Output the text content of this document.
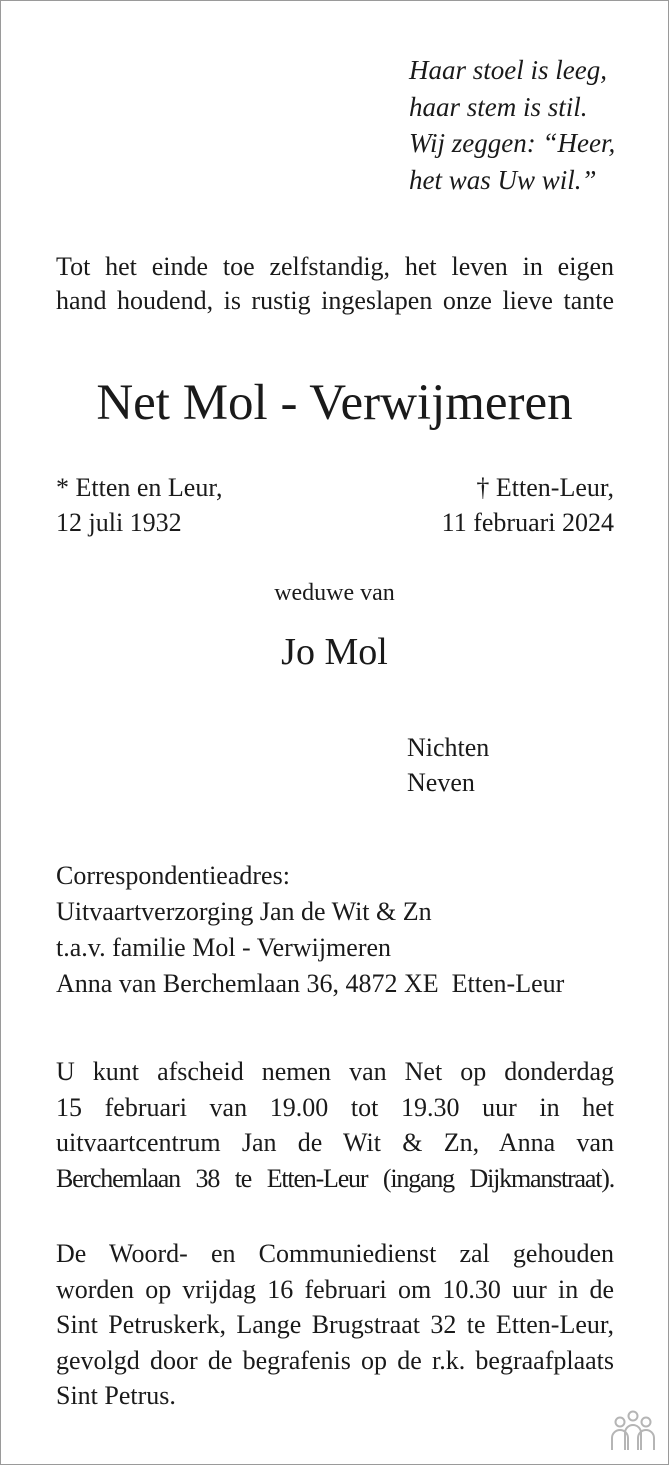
Haar stoel is leeg,
haar stem is stil.
Wij zeggen: “Heer,
het was Uw wil.”
Tot het einde toe zelfstandig, het leven in eigen
hand houdend, is rustig ingeslapen onze lieve tante
Net Mol - Verwijmeren
* Etten en Leur,
12 juli 1932
† Etten-Leur,
11 februari 2024
weduwe van
Jo Mol
Nichten
Neven
Correspondentieadres:
Uitvaartverzorging Jan de Wit & Zn
t.a.v. familie Mol - Verwijmeren
Anna van Berchemlaan 36, 4872 XE  Etten-Leur
U kunt afscheid nemen van Net op donderdag
15 februari van 19.00 tot 19.30 uur in het
uitvaartcentrum Jan de Wit & Zn, Anna van
Berchemlaan 38 te Etten-Leur (ingang Dijkmanstraat).
De Woord- en Communiedienst zal gehouden
worden op vrijdag 16 februari om 10.30 uur in de
Sint Petruskerk, Lange Brugstraat 32 te Etten-Leur,
gevolgd door de begrafenis op de r.k. begraafplaats
Sint Petrus.
